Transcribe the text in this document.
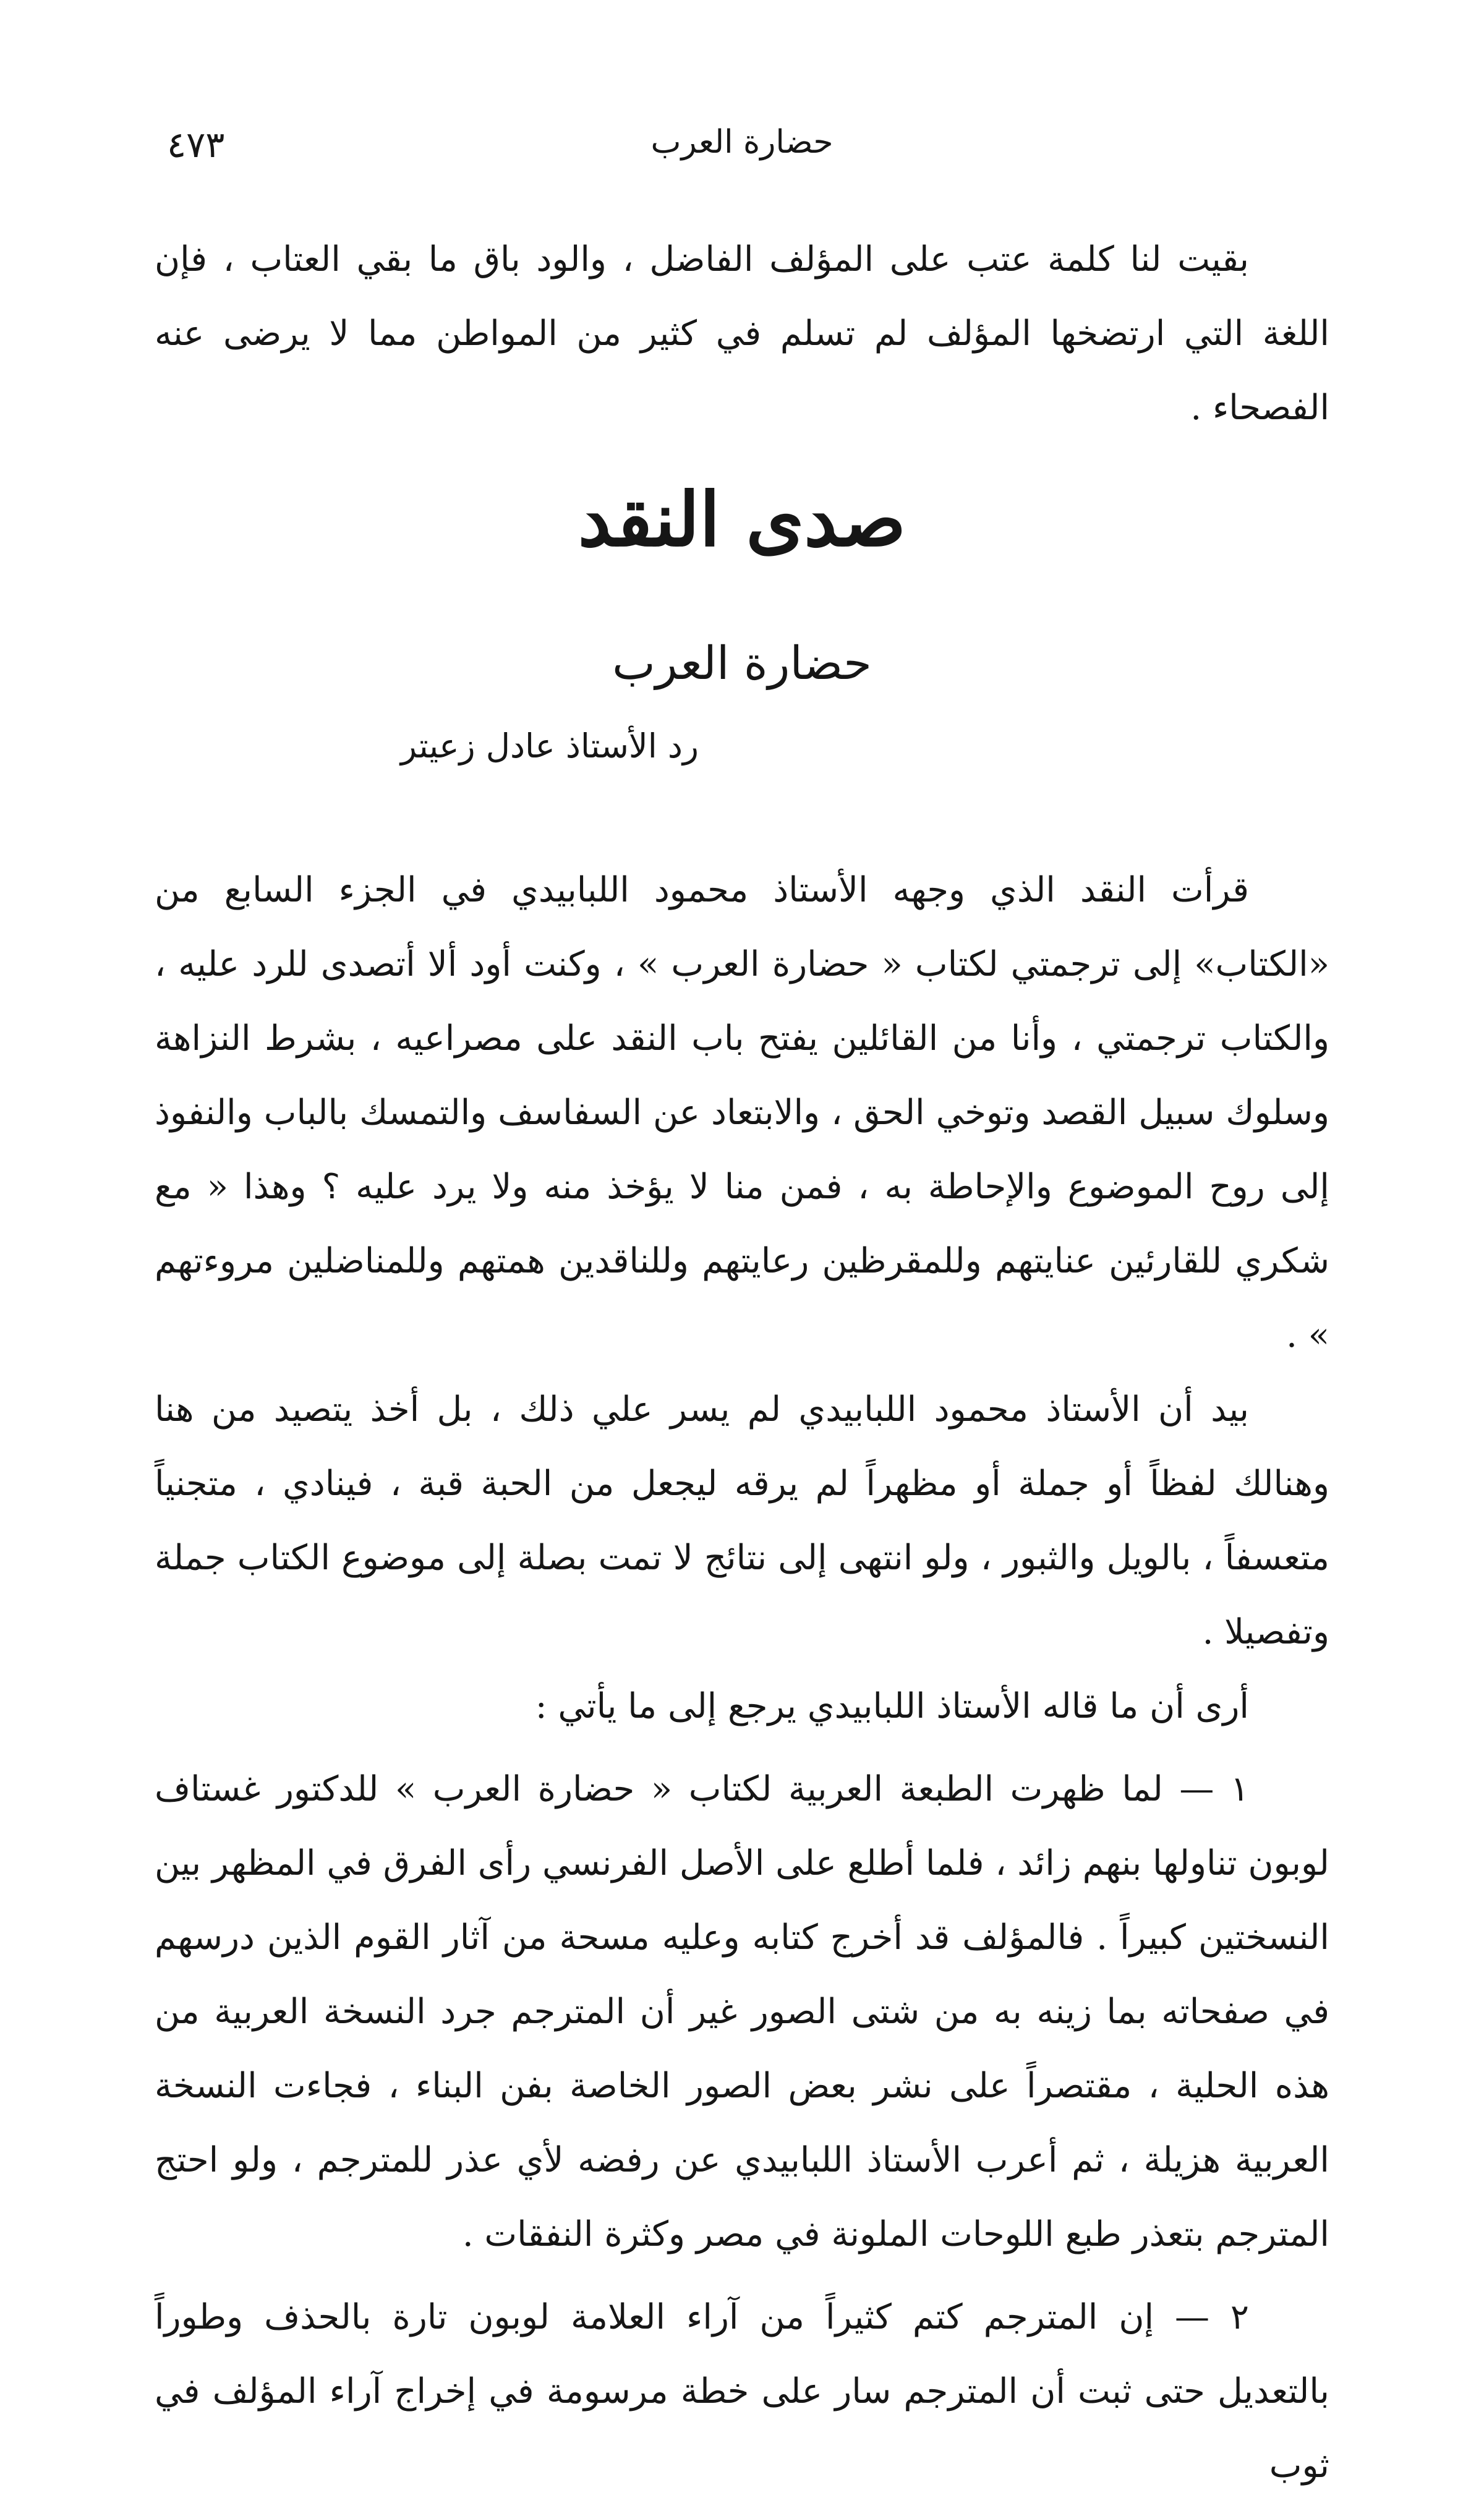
٤٧٣	حضارة العرب

بقيت لنا كلمة عتب على المؤلف الفاضل ، والود باق ما بقي العتاب ، فإن اللغة التي ارتضخها المؤلف لم تسلم في كثير من المواطن مما لا يرضى عنه الفصحاء .

صدى النقد
حضارة العرب
رد الأستاذ عادل زعيتر

قرأت النقد الذي وجهه الأستاذ محمود اللبابيدي في الجزء السابع من «الكتاب» إلى ترجمتي لكتاب « حضارة العرب » ، وكنت أود ألا أتصدى للرد عليه ، والكتاب ترجمتي ، وأنا من القائلين يفتح باب النقد على مصراعيه ، بشرط النزاهة وسلوك سبيل القصد وتوخي الحق ، والابتعاد عن السفاسف والتمسك بالباب والنفوذ إلى روح الموضوع والإحاطة به ، فمن منا لا يؤخذ منه ولا يرد عليه ؟ وهذا « مع شكري للقارئين عنايتهم وللمقرظين رعايتهم وللناقدين همتهم وللمناضلين مروءتهم » .

بيد أن الأستاذ محمود اللبابيدي لم يسر علي ذلك ، بل أخذ يتصيد من هنا وهنالك لفظاً أو جملة أو مظهراً لم يرقه ليجعل من الحبة قبة ، فينادي ، متجنياً متعسفاً ، بالويل والثبور ، ولو انتهى إلى نتائج لا تمت بصلة إلى موضوع الكتاب جملة وتفصيلا .

أرى أن ما قاله الأستاذ اللبابيدي يرجع إلى ما يأتي :

١ — لما ظهرت الطبعة العربية لكتاب « حضارة العرب » للدكتور غستاف لوبون تناولها بنهم زائد ، فلما أطلع على الأصل الفرنسي رأى الفرق في المظهر بين النسختين كبيراً . فالمؤلف قد أخرج كتابه وعليه مسحة من آثار القوم الذين درسهم في صفحاته بما زينه به من شتى الصور غير أن المترجم جرد النسخة العربية من هذه الحلية ، مقتصراً على نشر بعض الصور الخاصة بفن البناء ، فجاءت النسخة العربية هزيلة ، ثم أعرب الأستاذ اللبابيدي عن رفضه لأي عذر للمترجم ، ولو احتج المترجم بتعذر طبع اللوحات الملونة في مصر وكثرة النفقات .

٢ — إن المترجم كتم كثيراً من آراء العلامة لوبون تارة بالحذف وطوراً بالتعديل حتى ثبت أن المترجم سار على خطة مرسومة في إخراج آراء المؤلف في ثوب
